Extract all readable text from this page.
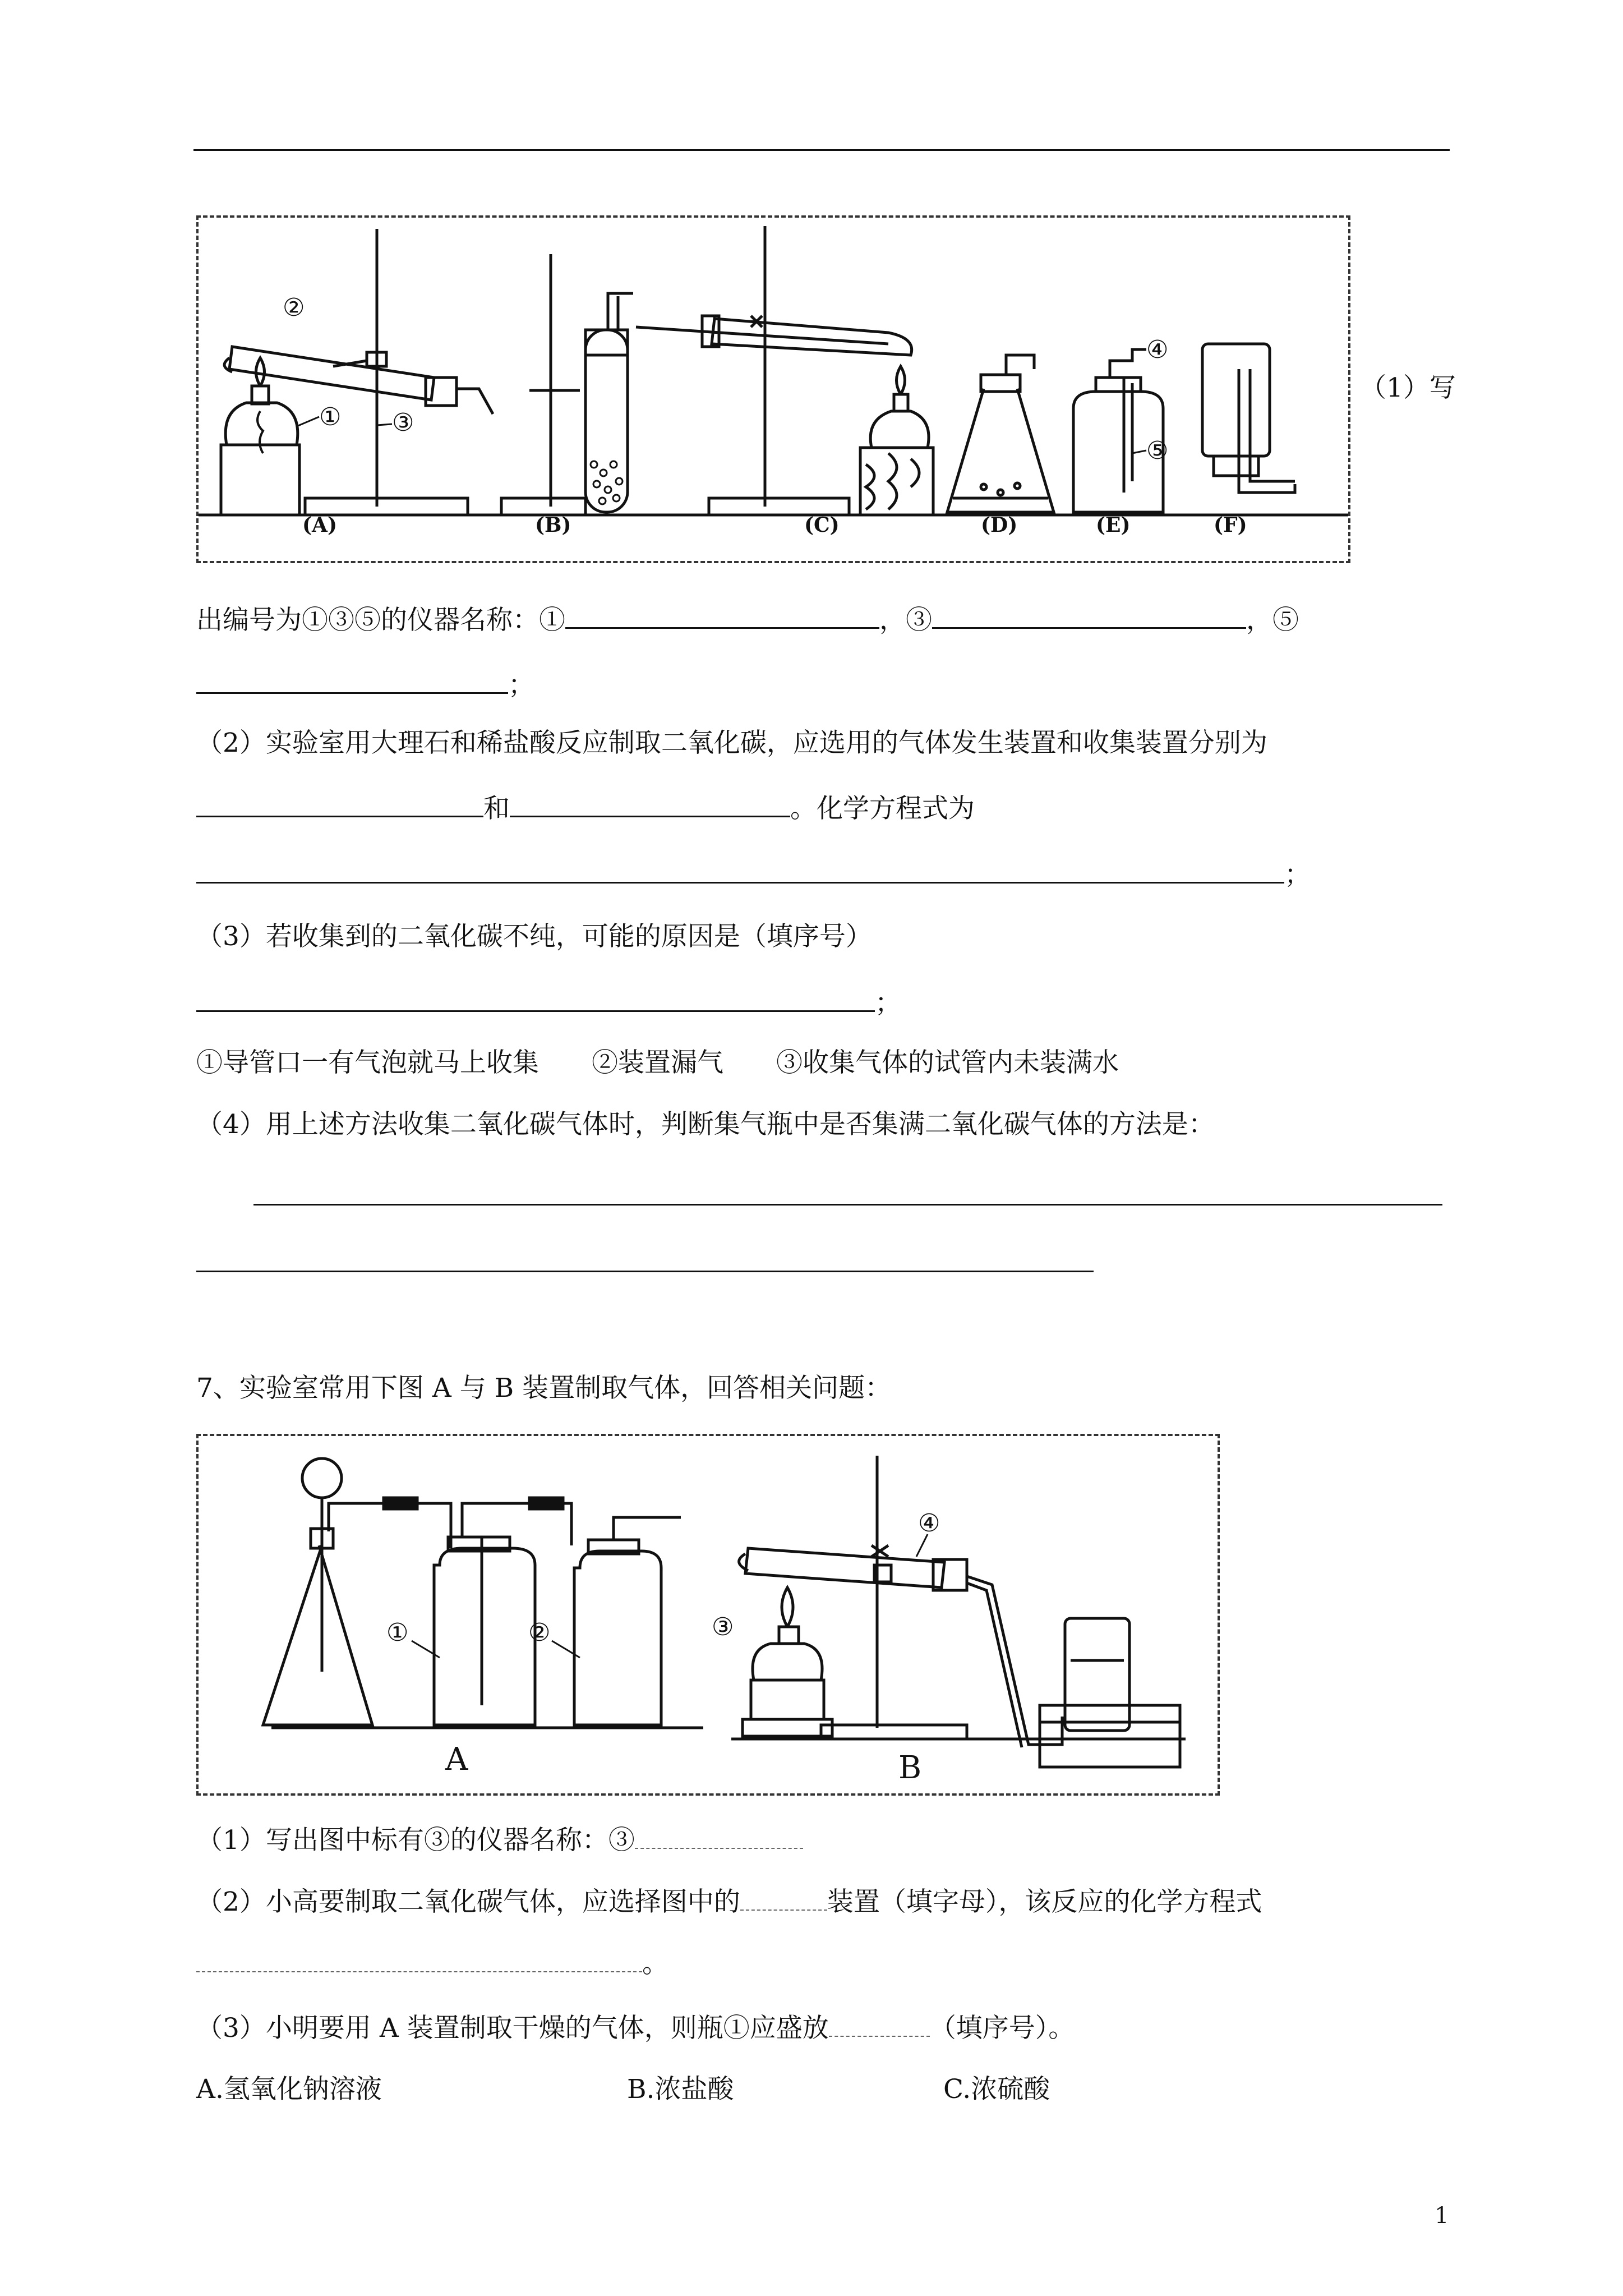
②
① ③
④
⑤
(A)	(B)	(C)	(D)	(E)	(F)
（1）写
出编号为①③⑤的仪器名称：①	，③	，⑤
；
（2）实验室用大理石和稀盐酸反应制取二氧化碳，应选用的气体发生装置和收集装置分别为
和	。化学方程式为
；
（3）若收集到的二氧化碳不纯，可能的原因是（填序号）
；
①导管口一有气泡就马上收集　　②装置漏气　　③收集气体的试管内未装满水
（4）用上述方法收集二氧化碳气体时，判断集气瓶中是否集满二氧化碳气体的方法是：
7、实验室常用下图 A 与 B 装置制取气体，回答相关问题：
①	②	③
④
A	B
（1）写出图中标有③的仪器名称：③
（2）小高要制取二氧化碳气体，应选择图中的	装置（填字母），该反应的化学方程式
。
（3）小明要用 A 装置制取干燥的气体，则瓶①应盛放	（填序号）。
A.氢氧化钠溶液	B.浓盐酸	C.浓硫酸
1
